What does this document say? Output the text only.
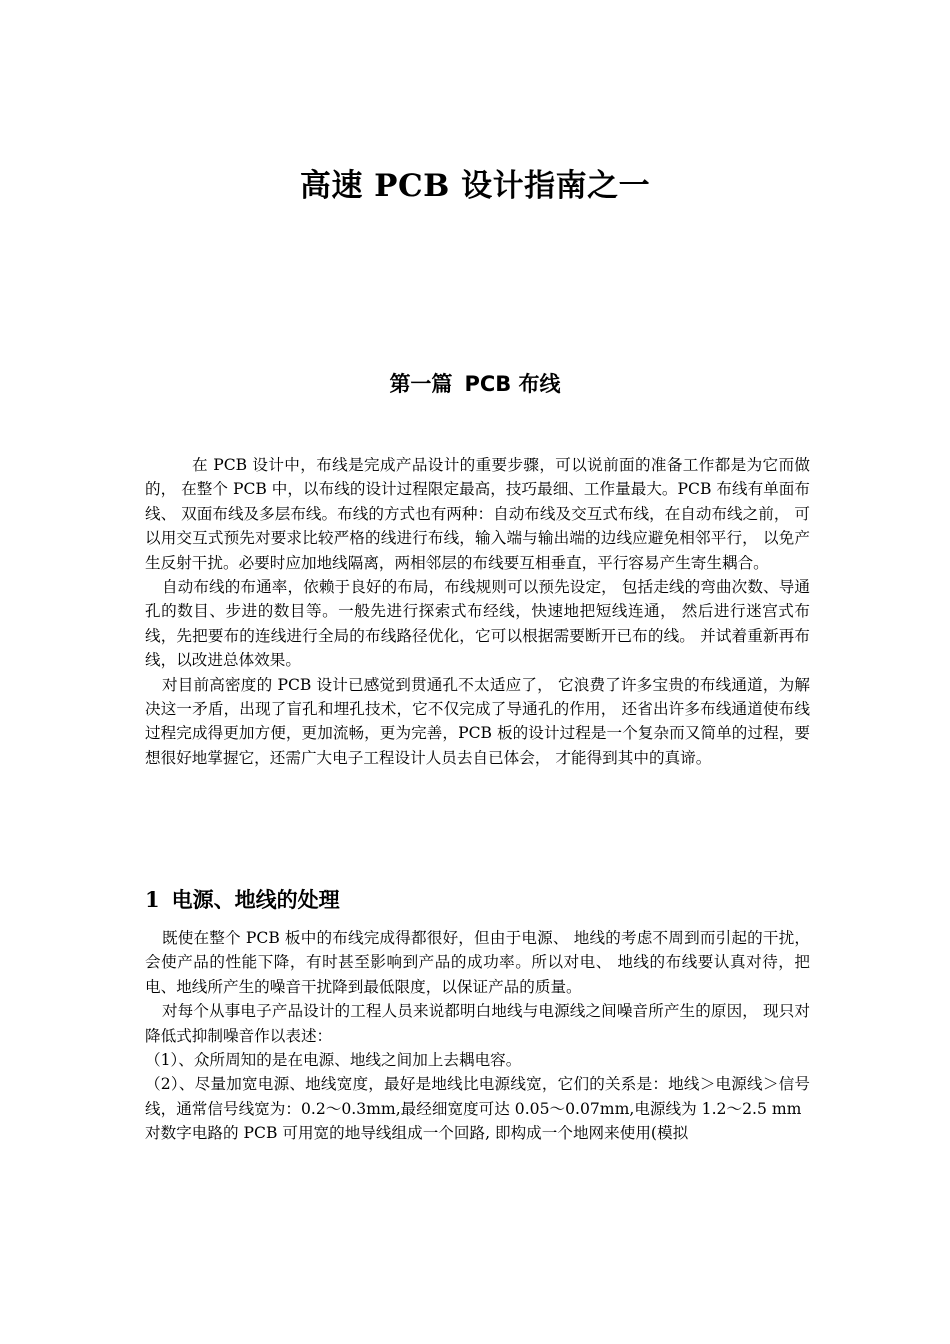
高速 PCB 设计指南之一
第一篇 PCB 布线

在 PCB 设计中，布线是完成产品设计的重要步骤，可以说前面的准备工作都是为它而做的， 在整个 PCB 中，以布线的设计过程限定最高，技巧最细、工作量最大。PCB 布线有单面布线、 双面布线及多层布线。布线的方式也有两种：自动布线及交互式布线，在自动布线之前， 可以用交互式预先对要求比较严格的线进行布线，输入端与输出端的边线应避免相邻平行， 以免产生反射干扰。必要时应加地线隔离，两相邻层的布线要互相垂直，平行容易产生寄生耦合。

自动布线的布通率，依赖于良好的布局，布线规则可以预先设定， 包括走线的弯曲次数、导通孔的数目、步进的数目等。一般先进行探索式布经线，快速地把短线连通， 然后进行迷宫式布线，先把要布的连线进行全局的布线路径优化，它可以根据需要断开已布的线。 并试着重新再布线，以改进总体效果。

对目前高密度的 PCB 设计已感觉到贯通孔不太适应了， 它浪费了许多宝贵的布线通道，为解决这一矛盾，出现了盲孔和埋孔技术，它不仅完成了导通孔的作用， 还省出许多布线通道使布线过程完成得更加方便，更加流畅，更为完善，PCB 板的设计过程是一个复杂而又简单的过程，要想很好地掌握它，还需广大电子工程设计人员去自已体会， 才能得到其中的真谛。

1 电源、地线的处理

既使在整个 PCB 板中的布线完成得都很好，但由于电源、 地线的考虑不周到而引起的干扰，会使产品的性能下降，有时甚至影响到产品的成功率。所以对电、 地线的布线要认真对待，把电、地线所产生的噪音干扰降到最低限度，以保证产品的质量。

对每个从事电子产品设计的工程人员来说都明白地线与电源线之间噪音所产生的原因， 现只对降低式抑制噪音作以表述：

（1）、众所周知的是在电源、地线之间加上去耦电容。

（2）、尽量加宽电源、地线宽度，最好是地线比电源线宽，它们的关系是：地线＞电源线＞信号线，通常信号线宽为：0.2～0.3mm,最经细宽度可达 0.05～0.07mm,电源线为 1.2～2.5 mm

对数字电路的 PCB 可用宽的地导线组成一个回路, 即构成一个地网来使用(模拟
